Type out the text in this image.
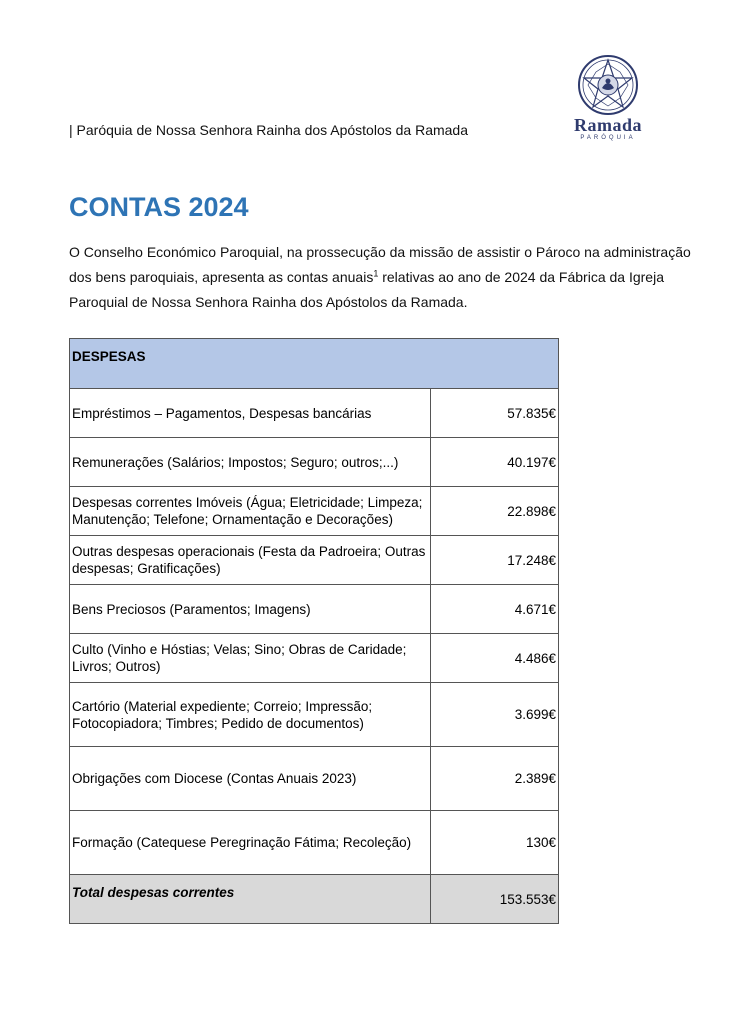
| Paróquia de Nossa Senhora Rainha dos Apóstolos da Ramada	Ramada
PARÓQUIA
CONTAS 2024

O Conselho Económico Paroquial, na prossecução da missão de assistir o Pároco na administração dos bens paroquiais, apresenta as contas anuais$^1$ relativas ao ano de 2024 da Fábrica da Igreja Paroquial de Nossa Senhora Rainha dos Apóstolos da Ramada.

DESPESAS	
Empréstimos – Pagamentos, Despesas bancárias	57.835€
Remunerações (Salários; Impostos; Seguro; outros;...)	40.197€
Despesas correntes Imóveis (Água; Eletricidade; Limpeza; Manutenção; Telefone; Ornamentação e Decorações)	22.898€
Outras despesas operacionais (Festa da Padroeira; Outras despesas; Gratificações)	17.248€
Bens Preciosos (Paramentos; Imagens)	4.671€
Culto (Vinho e Hóstias; Velas; Sino; Obras de Caridade; Livros; Outros)	4.486€
Cartório (Material expediente; Correio; Impressão; Fotocopiadora; Timbres; Pedido de documentos)	3.699€
Obrigações com Diocese (Contas Anuais 2023)	2.389€
Formação (Catequese Peregrinação Fátima; Recoleção)	130€
Total despesas correntes	153.553€
